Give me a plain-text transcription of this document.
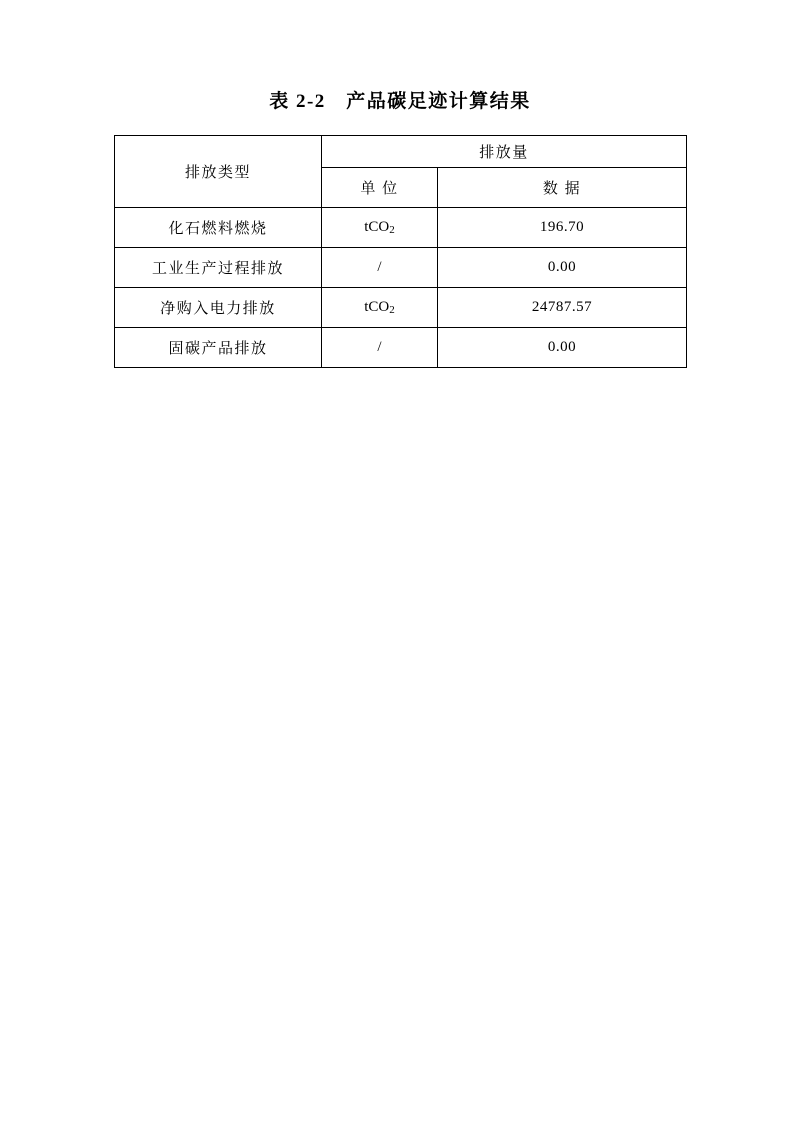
表 2-2　产品碳足迹计算结果
排放类型	排放量	
	单 位	数 据
化石燃料燃烧	tCO$_2$	196.70
工业生产过程排放	/	0.00
净购入电力排放	tCO$_2$	24787.57
固碳产品排放	/	0.00
